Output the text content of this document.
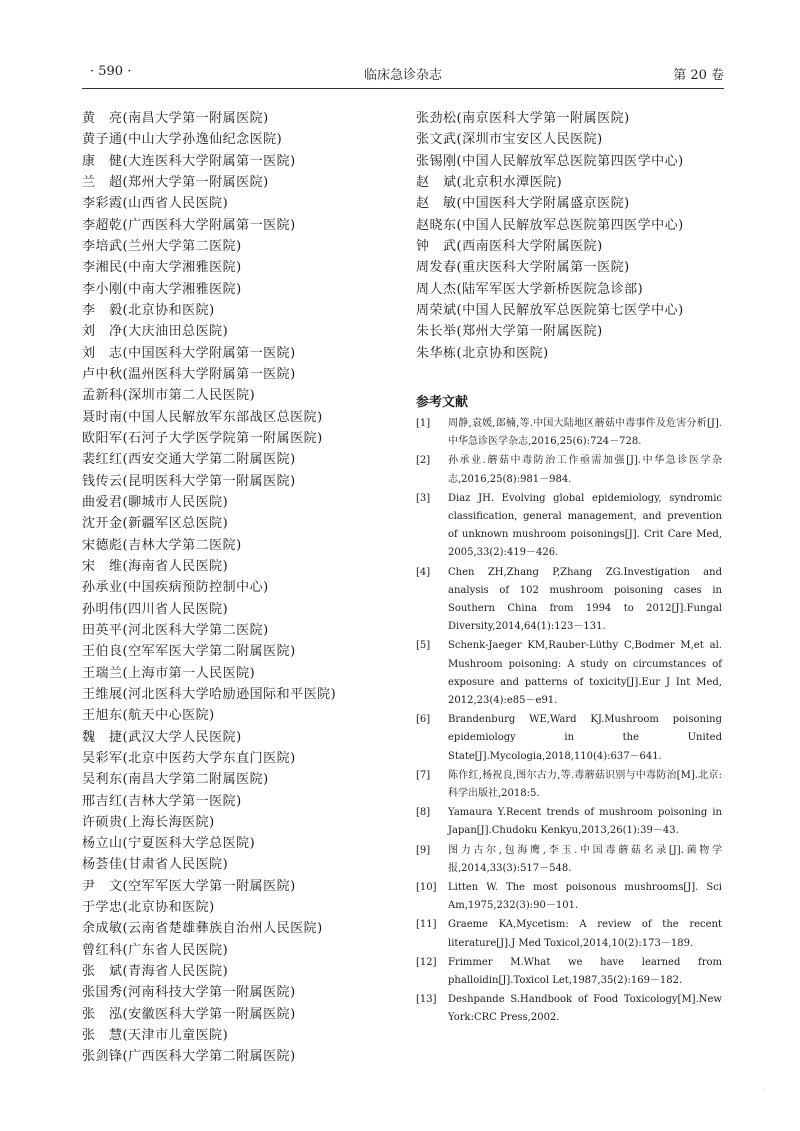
· 590 ·	临床急诊杂志	第 20 卷
黄　亮(南昌大学第一附属医院)
黄子通(中山大学孙逸仙纪念医院)
康　健(大连医科大学附属第一医院)
兰　超(郑州大学第一附属医院)
李彩霞(山西省人民医院)
李超乾(广西医科大学附属第一医院)
李培武(兰州大学第二医院)
李湘民(中南大学湘雅医院)
李小刚(中南大学湘雅医院)
李　毅(北京协和医院)
刘　净(大庆油田总医院)
刘　志(中国医科大学附属第一医院)
卢中秋(温州医科大学附属第一医院)
孟新科(深圳市第二人民医院)
聂时南(中国人民解放军东部战区总医院)
欧阳军(石河子大学医学院第一附属医院)
裴红红(西安交通大学第二附属医院)
钱传云(昆明医科大学第一附属医院)
曲爱君(聊城市人民医院)
沈开金(新疆军区总医院)
宋德彪(吉林大学第二医院)
宋　维(海南省人民医院)
孙承业(中国疾病预防控制中心)
孙明伟(四川省人民医院)
田英平(河北医科大学第二医院)
王伯良(空军军医大学第二附属医院)
王瑞兰(上海市第一人民医院)
王维展(河北医科大学哈励逊国际和平医院)
王旭东(航天中心医院)
魏　捷(武汉大学人民医院)
吴彩军(北京中医药大学东直门医院)
吴利东(南昌大学第二附属医院)
邢吉红(吉林大学第一医院)
许硕贵(上海长海医院)
杨立山(宁夏医科大学总医院)
杨荟佳(甘肃省人民医院)
尹　文(空军军医大学第一附属医院)
于学忠(北京协和医院)
余成敏(云南省楚雄彝族自治州人民医院)
曾红科(广东省人民医院)
张　斌(青海省人民医院)
张国秀(河南科技大学第一附属医院)
张　泓(安徽医科大学第一附属医院)
张　慧(天津市儿童医院)
张剑锋(广西医科大学第二附属医院)
张劲松(南京医科大学第一附属医院)
张文武(深圳市宝安区人民医院)
张锡刚(中国人民解放军总医院第四医学中心)
赵　斌(北京积水潭医院)
赵　敏(中国医科大学附属盛京医院)
赵晓东(中国人民解放军总医院第四医学中心)
钟　武(西南医科大学附属医院)
周发春(重庆医科大学附属第一医院)
周人杰(陆军军医大学新桥医院急诊部)
周荣斌(中国人民解放军总医院第七医学中心)
朱长举(郑州大学第一附属医院)
朱华栋(北京协和医院)
参考文献
[1] 周静,袁媛,郎楠,等.中国大陆地区蘑菇中毒事件及危害分析[J].中华急诊医学杂志,2016,25(6):724－728.
[2] 孙承业.蘑菇中毒防治工作亟需加强[J].中华急诊医学杂志,2016,25(8):981－984.
[3] Diaz JH. Evolving global epidemiology, syndromic classification, general management, and prevention of unknown mushroom poisonings[J]. Crit Care Med, 2005,33(2):419－426.
[4] Chen ZH,Zhang P,Zhang ZG.Investigation and analysis of 102 mushroom poisoning cases in Southern China from 1994 to 2012[J].Fungal Diversity,2014,64(1):123－131.
[5] Schenk-Jaeger KM,Rauber-Lüthy C,Bodmer M,et al. Mushroom poisoning: A study on circumstances of exposure and patterns of toxicity[J].Eur J Int Med, 2012,23(4):e85－e91.
[6] Brandenburg WE,Ward KJ.Mushroom poisoning epidemiology in the United State[J].Mycologia,2018,110(4):637－641.
[7] 陈作红,杨祝良,图尔古力,等.毒蘑菇识别与中毒防治[M].北京:科学出版社,2018:5.
[8] Yamaura Y.Recent trends of mushroom poisoning in Japan[J].Chudoku Kenkyu,2013,26(1):39－43.
[9] 图力古尔,包海鹰,李玉.中国毒蘑菇名录[J].菌物学报,2014,33(3):517－548.
[10] Litten W. The most poisonous mushrooms[J]. Sci Am,1975,232(3):90－101.
[11] Graeme KA,Mycetism: A review of the recent literature[J].J Med Toxicol,2014,10(2):173－189.
[12] Frimmer M.What we have learned from phalloidin[J].Toxicol Let,1987,35(2):169－182.
[13] Deshpande S.Handbook of Food Toxicology[M].New York:CRC Press,2002.
.
